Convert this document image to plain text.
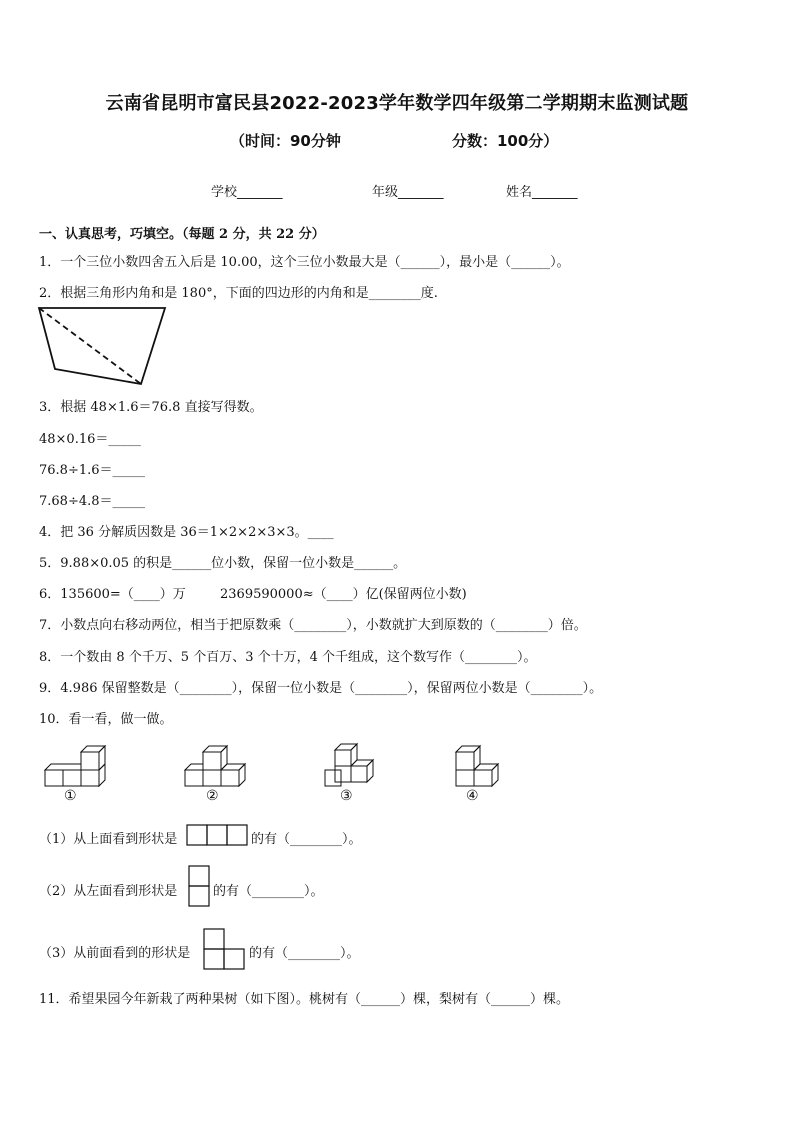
云南省昆明市富民县2022-2023学年数学四年级第二学期期末监测试题
（时间：90分钟	分数：100分）
学校_______	年级_______	姓名_______
一、认真思考，巧填空。（每题 2 分，共 22 分）
1．一个三位小数四舍五入后是 10.00，这个三位小数最大是（______），最小是（______）。
2．根据三角形内角和是 180°，下面的四边形的内角和是________度.
3．根据 48×1.6＝76.8 直接写得数。
48×0.16＝_____
76.8÷1.6＝_____
7.68÷4.8＝_____
4．把 36 分解质因数是 36＝1×2×2×3×3。____
5．9.88×0.05 的积是______位小数，保留一位小数是______。
6．135600=（____）万	2369590000≈（____）亿(保留两位小数)
7．小数点向右移动两位，相当于把原数乘（________），小数就扩大到原数的（________）倍。
8．一个数由 8 个千万、5 个百万、3 个十万，4 个千组成，这个数写作（________）。
9．4.986 保留整数是（________），保留一位小数是（________），保留两位小数是（________）。
10．看一看，做一做。
①	②	③	④
（1）从上面看到形状是	的有（________）。
（2）从左面看到形状是	的有（________）。
（3）从前面看到的形状是	的有（________）。
11．希望果园今年新栽了两种果树（如下图）。桃树有（______）棵，梨树有（______）棵。
